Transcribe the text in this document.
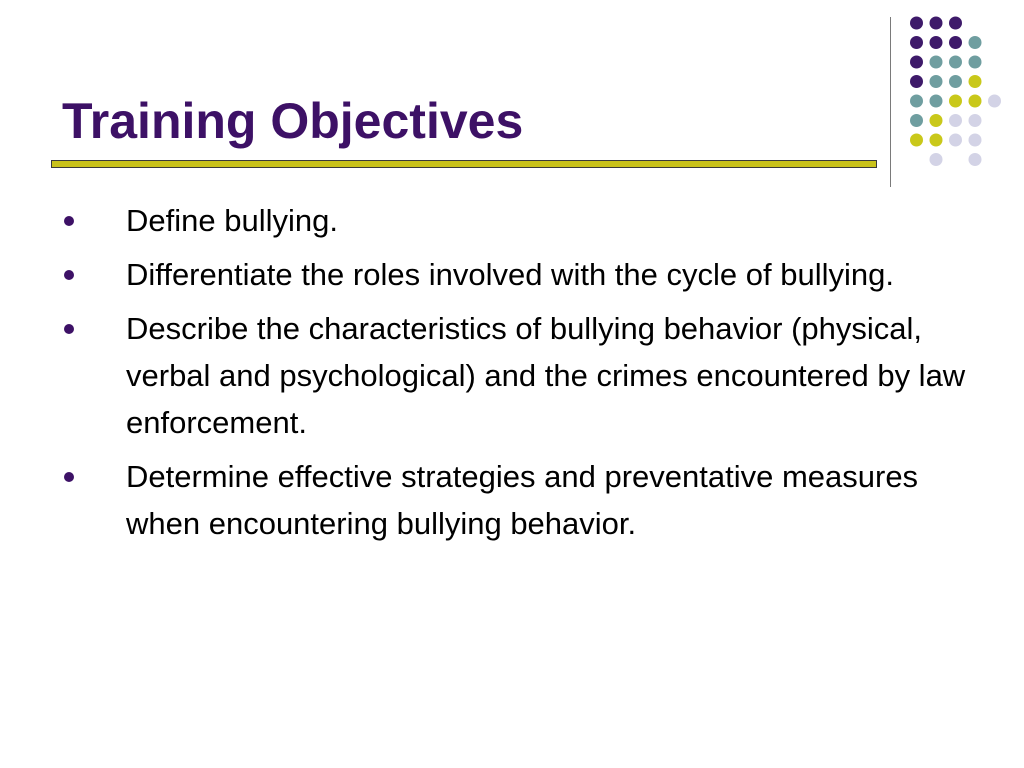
Training Objectives
Define bullying.
Differentiate the roles involved with the cycle of bullying.
Describe the characteristics of bullying behavior (physical, verbal and psychological) and the crimes encountered by law enforcement.
Determine effective strategies and preventative measures when encountering bullying behavior.
